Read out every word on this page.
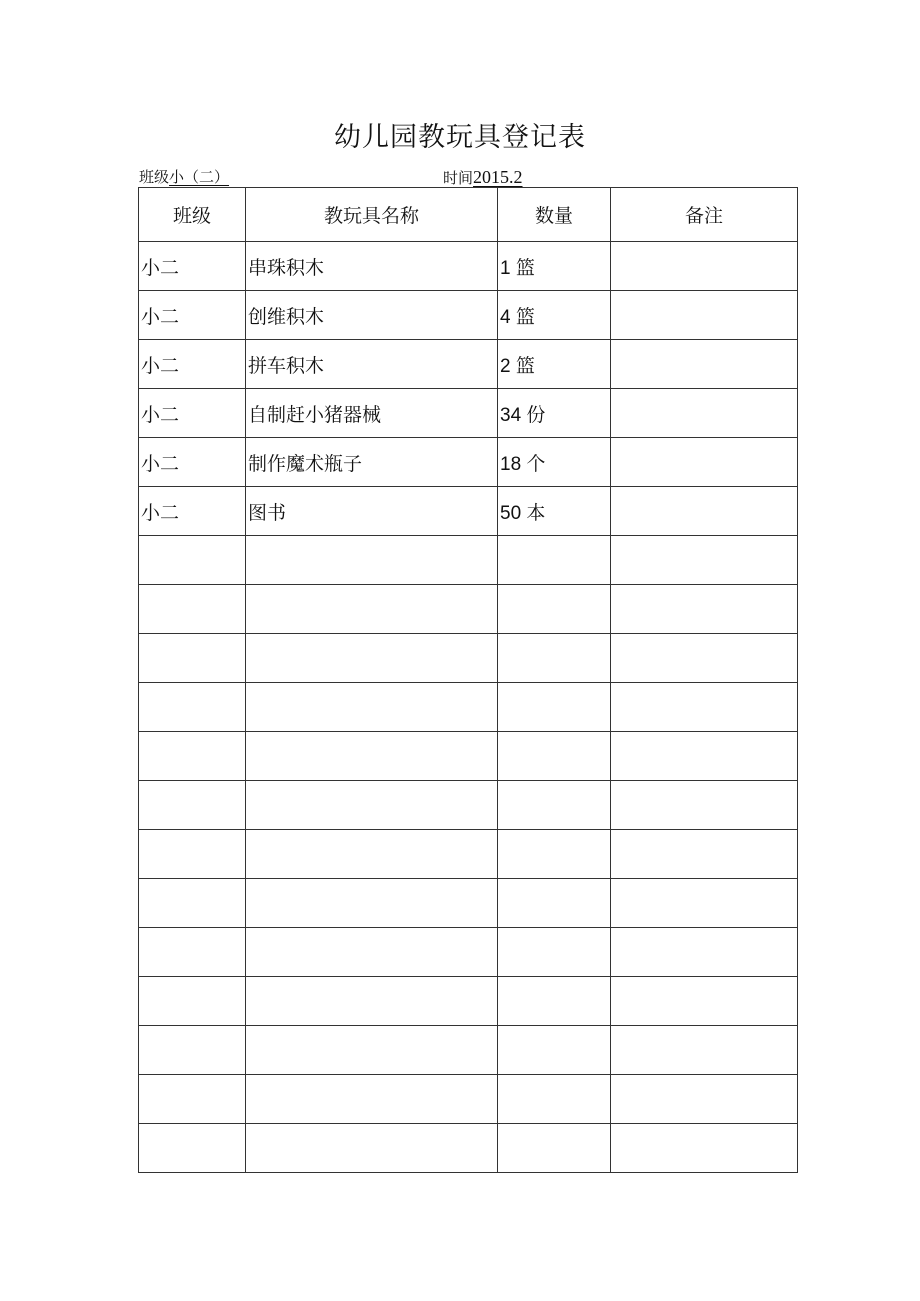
幼儿园教玩具登记表
班级小（二）	时间2015.2
班级	教玩具名称	数量	备注
小二	串珠积木	1 篮	
小二	创维积木	4 篮	
小二	拼车积木	2 篮	
小二	自制赶小猪器械	34 份	
小二	制作魔术瓶子	18 个	
小二	图书	50 本	
